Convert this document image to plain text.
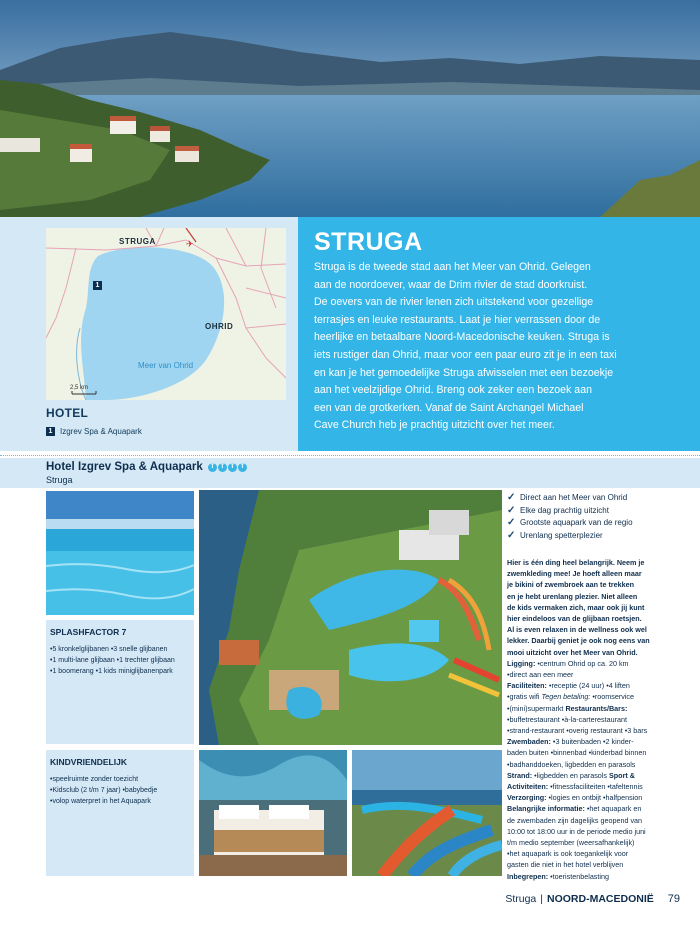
✈
STRUGA
OHRID
Meer van Ohrid
1
2,5 km
HOTEL
1 Izgrev Spa & Aquapark
STRUGA
Struga is de tweede stad aan het Meer van Ohrid. Gelegen
aan de noordoever, waar de Drim rivier de stad doorkruist.
De oevers van de rivier lenen zich uitstekend voor gezellige
terrasjes en leuke restaurants. Laat je hier verrassen door de
heerlijke en betaalbare Noord-Macedonische keuken. Struga is
iets rustiger dan Ohrid, maar voor een paar euro zit je in een taxi
en kan je het gemoedelijke Struga afwisselen met een bezoekje
aan het veelzijdige Ohrid. Breng ook zeker een bezoek aan
een van de grotkerken. Vanaf de Saint Archangel Michael
Cave Church heb je prachtig uitzicht over het meer.
Hotel Izgrev Spa & Aquapark	T	T	T	T
Struga
SPLASHFACTOR 7
•5 kronkelglijbanen •3 snelle glijbanen
•1 multi-lane glijbaan •1 trechter glijbaan
•1 boomerang •1 kids miniglijbanenpark
KINDVRIENDELIJK
•speelruimte zonder toezicht
•Kidsclub (2 t/m 7 jaar) •babybedje
•volop waterpret in het Aquapark
✓ Direct aan het Meer van Ohrid
✓ Elke dag prachtig uitzicht
✓ Grootste aquapark van de regio
✓ Urenlang spetterplezier
Hier is één ding heel belangrijk. Neem je
zwemkleding mee! Je hoeft alleen maar
je bikini of zwembroek aan te trekken
en je hebt urenlang plezier. Niet alleen
de kids vermaken zich, maar ook jij kunt
hier eindeloos van de glijbaan roetsjen.
Al is even relaxen in de wellness ook wel
lekker. Daarbij geniet je ook nog eens van
mooi uitzicht over het Meer van Ohrid.
Ligging: •centrum Ohrid op ca. 20 km
•direct aan een meer
Faciliteiten: •receptie (24 uur) •4 liften
•gratis wifi Tegen betaling: •roomservice
•(mini)supermarkt Restaurants/Bars:
•buffetrestaurant •à-la-carterestaurant
•strand-restaurant •overig restaurant •3 bars
Zwembaden: •3 buitenbaden •2 kinder-
baden buiten •binnenbad •kinderbad binnen
•badhanddoeken, ligbedden en parasols
Strand: •ligbedden en parasols Sport &
Activiteiten: •fitnessfaciliteiten •tafeltennis
Verzorging: •logies en ontbijt •halfpension
Belangrijke informatie: •het aquapark en
de zwembaden zijn dagelijks geopend van
10:00 tot 18:00 uur in de periode medio juni
t/m medio september (weersafhankelijk)
•het aquapark is ook toegankelijk voor
gasten die niet in het hotel verblijven
Inbegrepen: •toeristenbelasting
Struga | NOORD-MACEDONIË 79
